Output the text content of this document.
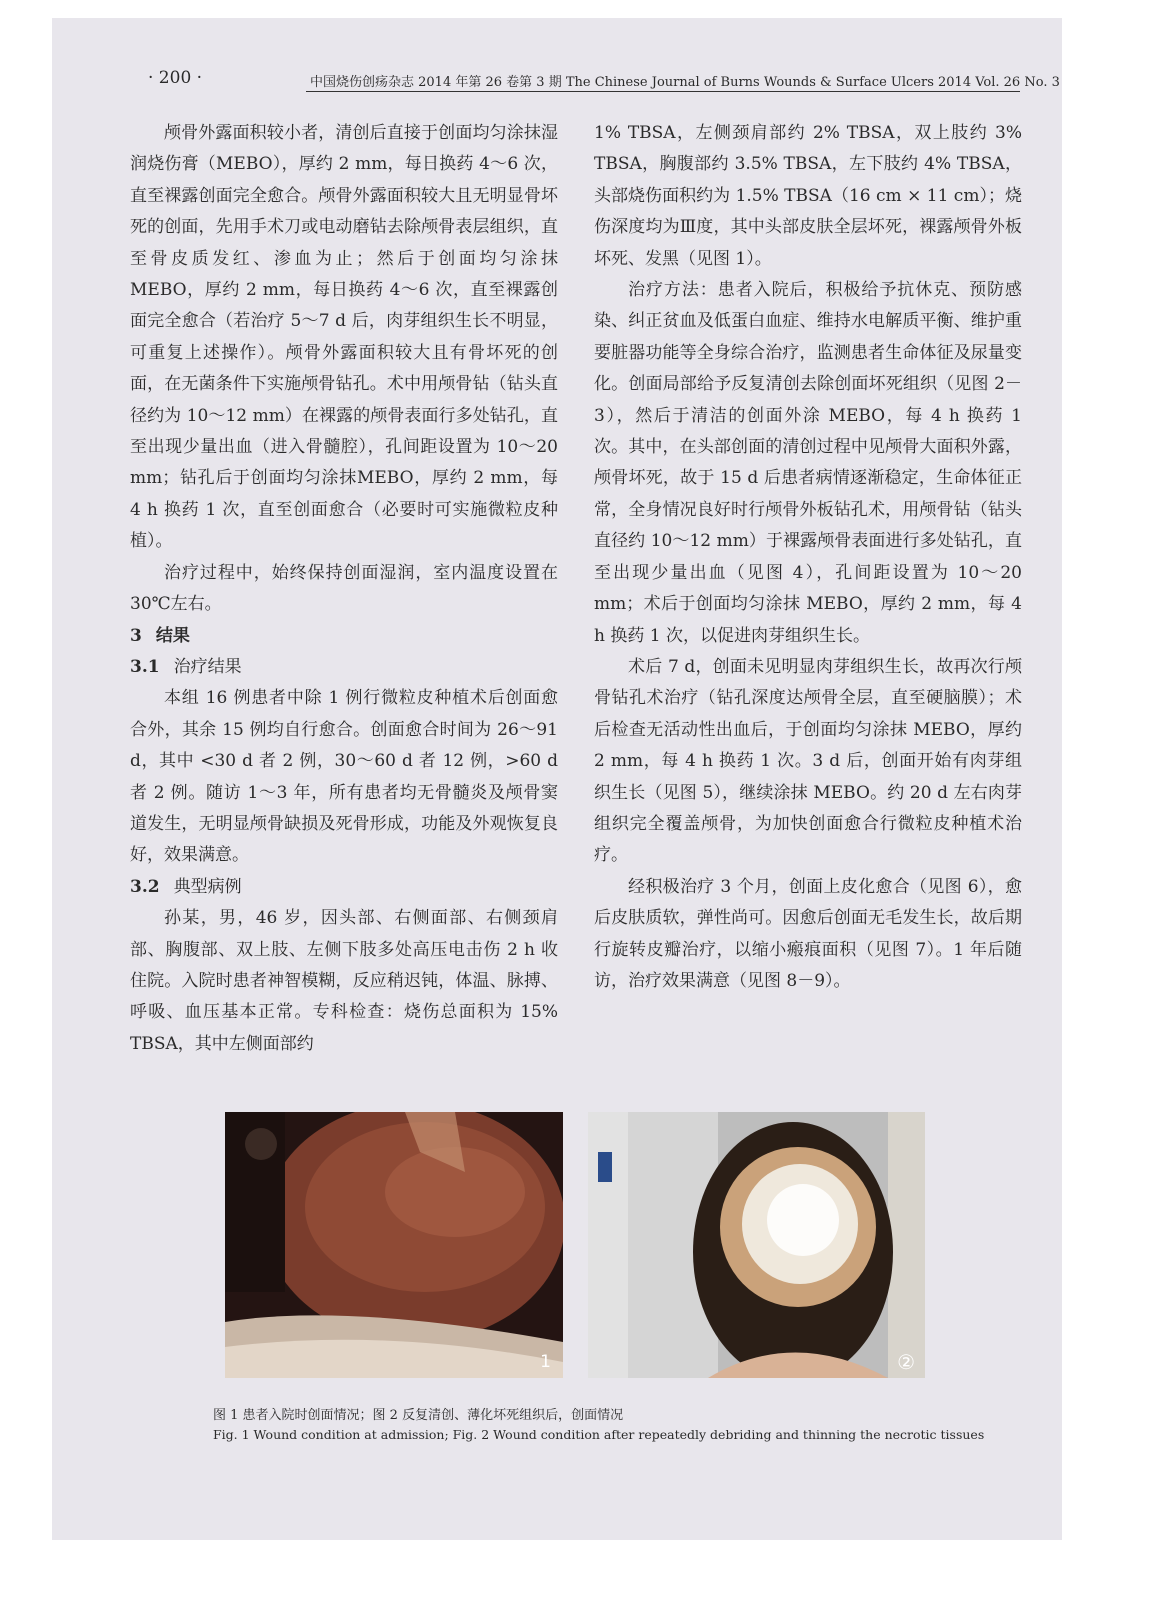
· 200 ·	中国烧伤创疡杂志 2014 年第 26 卷第 3 期 The Chinese Journal of Burns Wounds & Surface Ulcers 2014 Vol. 26 No. 3

颅骨外露面积较小者，清创后直接于创面均匀涂抹湿润烧伤膏（MEBO），厚约 2 mm，每日换药 4～6 次，直至裸露创面完全愈合。颅骨外露面积较大且无明显骨坏死的创面，先用手术刀或电动磨钻去除颅骨表层组织，直至骨皮质发红、渗血为止；然后于创面均匀涂抹 MEBO，厚约 2 mm，每日换药 4～6 次，直至裸露创面完全愈合（若治疗 5～7 d 后，肉芽组织生长不明显，可重复上述操作）。颅骨外露面积较大且有骨坏死的创面，在无菌条件下实施颅骨钻孔。术中用颅骨钻（钻头直径约为 10～12 mm）在裸露的颅骨表面行多处钻孔，直至出现少量出血（进入骨髓腔），孔间距设置为 10～20 mm；钻孔后于创面均匀涂抹MEBO，厚约 2 mm，每 4 h 换药 1 次，直至创面愈合（必要时可实施微粒皮种植）。

治疗过程中，始终保持创面湿润，室内温度设置在 30℃左右。

3 结果
3.1 治疗结果

本组 16 例患者中除 1 例行微粒皮种植术后创面愈合外，其余 15 例均自行愈合。创面愈合时间为 26～91 d，其中 <30 d 者 2 例，30～60 d 者 12 例，>60 d 者 2 例。随访 1～3 年，所有患者均无骨髓炎及颅骨窦道发生，无明显颅骨缺损及死骨形成，功能及外观恢复良好，效果满意。

3.2 典型病例

孙某，男，46 岁，因头部、右侧面部、右侧颈肩部、胸腹部、双上肢、左侧下肢多处高压电击伤 2 h 收住院。入院时患者神智模糊，反应稍迟钝，体温、脉搏、呼吸、血压基本正常。专科检查：烧伤总面积为 15% TBSA，其中左侧面部约

1% TBSA，左侧颈肩部约 2% TBSA，双上肢约 3% TBSA，胸腹部约 3.5% TBSA，左下肢约 4% TBSA，头部烧伤面积约为 1.5% TBSA（16 cm × 11 cm）；烧伤深度均为Ⅲ度，其中头部皮肤全层坏死，裸露颅骨外板坏死、发黑（见图 1）。

治疗方法：患者入院后，积极给予抗休克、预防感染、纠正贫血及低蛋白血症、维持水电解质平衡、维护重要脏器功能等全身综合治疗，监测患者生命体征及尿量变化。创面局部给予反复清创去除创面坏死组织（见图 2－3），然后于清洁的创面外涂 MEBO，每 4 h 换药 1 次。其中，在头部创面的清创过程中见颅骨大面积外露，颅骨坏死，故于 15 d 后患者病情逐渐稳定，生命体征正常，全身情况良好时行颅骨外板钻孔术，用颅骨钻（钻头直径约 10～12 mm）于裸露颅骨表面进行多处钻孔，直至出现少量出血（见图 4），孔间距设置为 10～20 mm；术后于创面均匀涂抹 MEBO，厚约 2 mm，每 4 h 换药 1 次，以促进肉芽组织生长。

术后 7 d，创面未见明显肉芽组织生长，故再次行颅骨钻孔术治疗（钻孔深度达颅骨全层，直至硬脑膜）；术后检查无活动性出血后，于创面均匀涂抹 MEBO，厚约 2 mm，每 4 h 换药 1 次。3 d 后，创面开始有肉芽组织生长（见图 5），继续涂抹 MEBO。约 20 d 左右肉芽组织完全覆盖颅骨，为加快创面愈合行微粒皮种植术治疗。

经积极治疗 3 个月，创面上皮化愈合（见图 6），愈后皮肤质软，弹性尚可。因愈后创面无毛发生长，故后期行旋转皮瓣治疗，以缩小瘢痕面积（见图 7）。1 年后随访，治疗效果满意（见图 8－9）。

1	②
图 1 患者入院时创面情况；图 2 反复清创、薄化坏死组织后，创面情况
Fig. 1 Wound condition at admission; Fig. 2 Wound condition after repeatedly debriding and thinning the necrotic tissues
